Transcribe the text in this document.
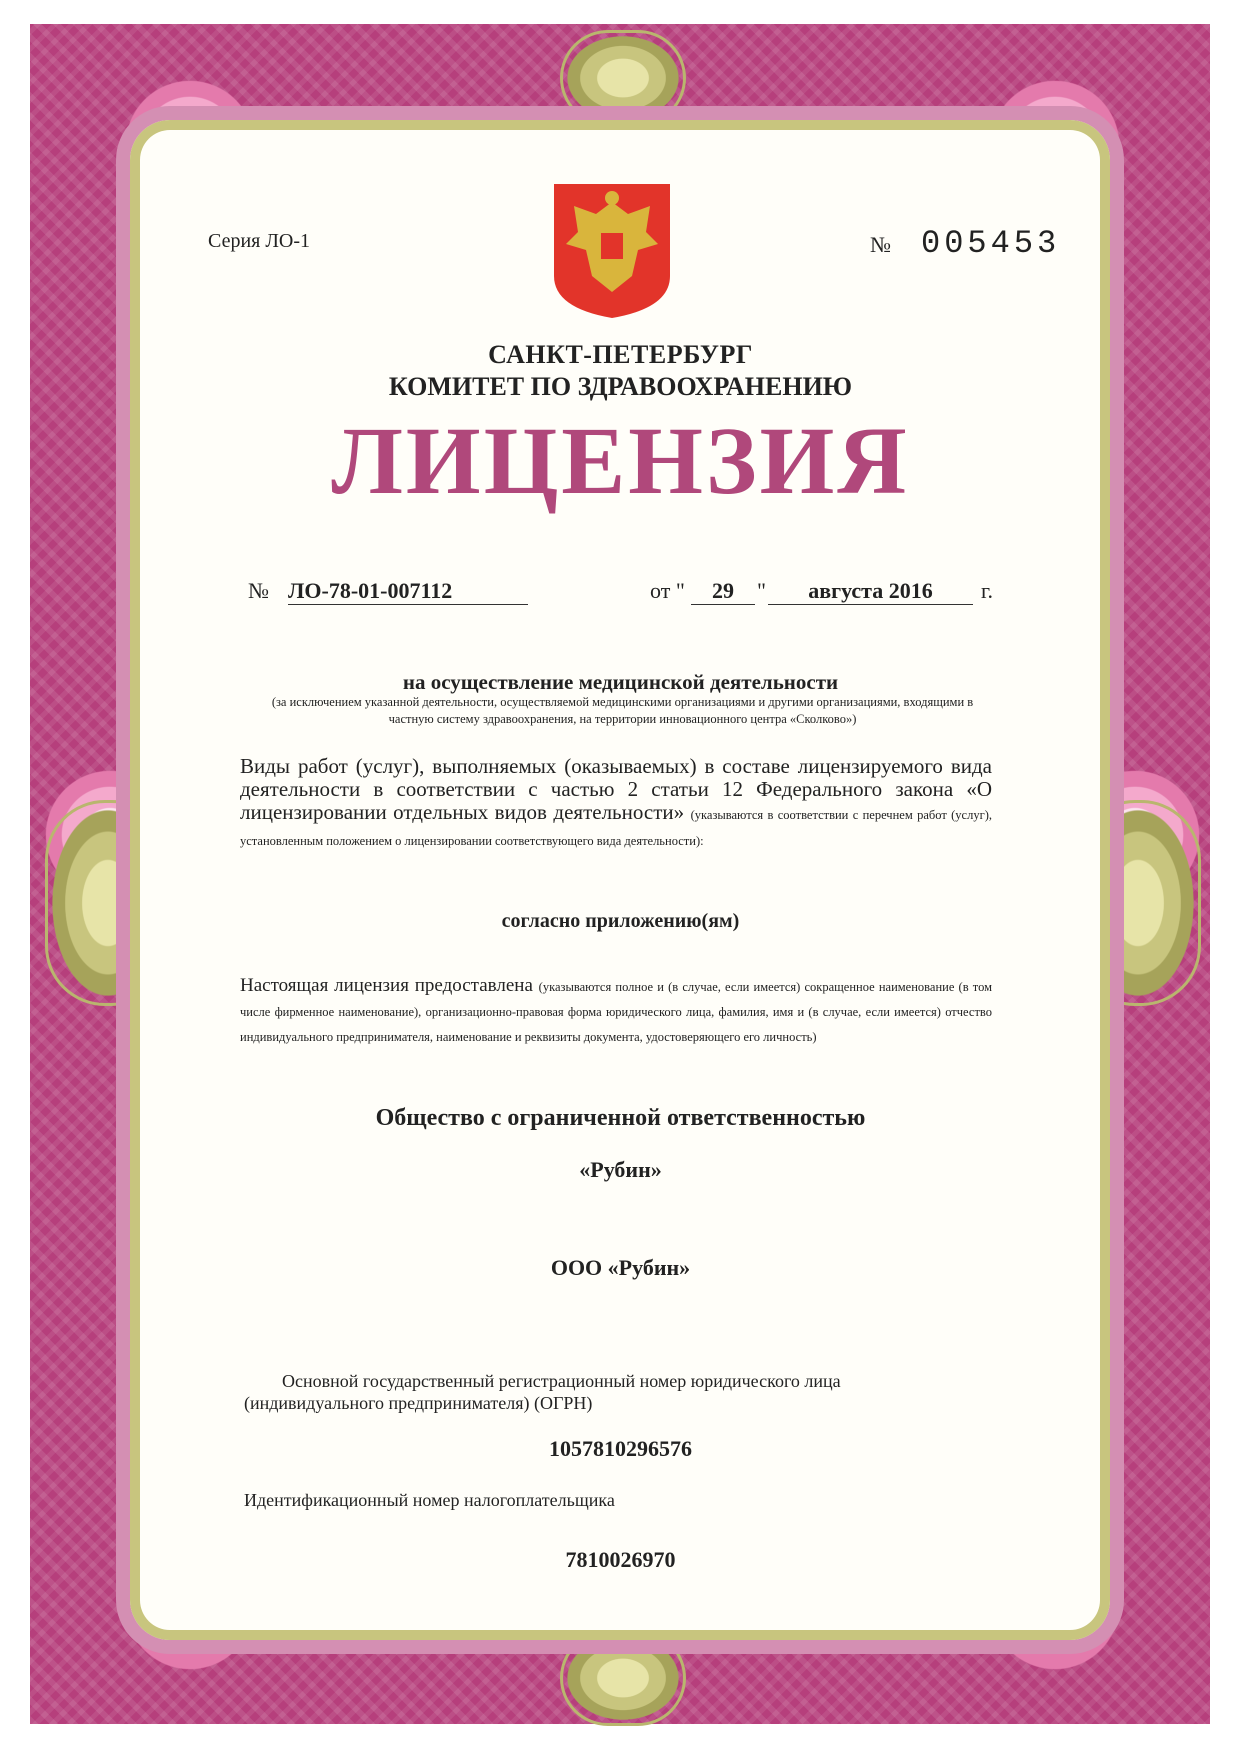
Серия ЛО-1	№ 005453
САНКТ-ПЕТЕРБУРГ
КОМИТЕТ ПО ЗДРАВООХРАНЕНИЮ
ЛИЦЕНЗИЯ
№ ЛО-78-01-007112	от "	29	"	августа 2016	г.
на осуществление медицинской деятельности
(за исключением указанной деятельности, осуществляемой медицинскими организациями и другими организациями, входящими в частную систему здравоохранения, на территории инновационного центра «Сколково»)
Виды работ (услуг), выполняемых (оказываемых) в составе лицензируемого вида деятельности в соответствии с частью 2 статьи 12 Федерального закона «О лицензировании отдельных видов деятельности» (указываются в соответствии с перечнем работ (услуг), установленным положением о лицензировании соответствующего вида деятельности):
согласно приложению(ям)
Настоящая лицензия предоставлена (указываются полное и (в случае, если имеется) сокращенное наименование (в том числе фирменное наименование), организационно-правовая форма юридического лица, фамилия, имя и (в случае, если имеется) отчество индивидуального предпринимателя, наименование и реквизиты документа, удостоверяющего его личность)
Общество с ограниченной ответственностью
«Рубин»
ООО «Рубин»
Основной государственный регистрационный номер юридического лица
(индивидуального предпринимателя) (ОГРН)
1057810296576
Идентификационный номер налогоплательщика
7810026970
